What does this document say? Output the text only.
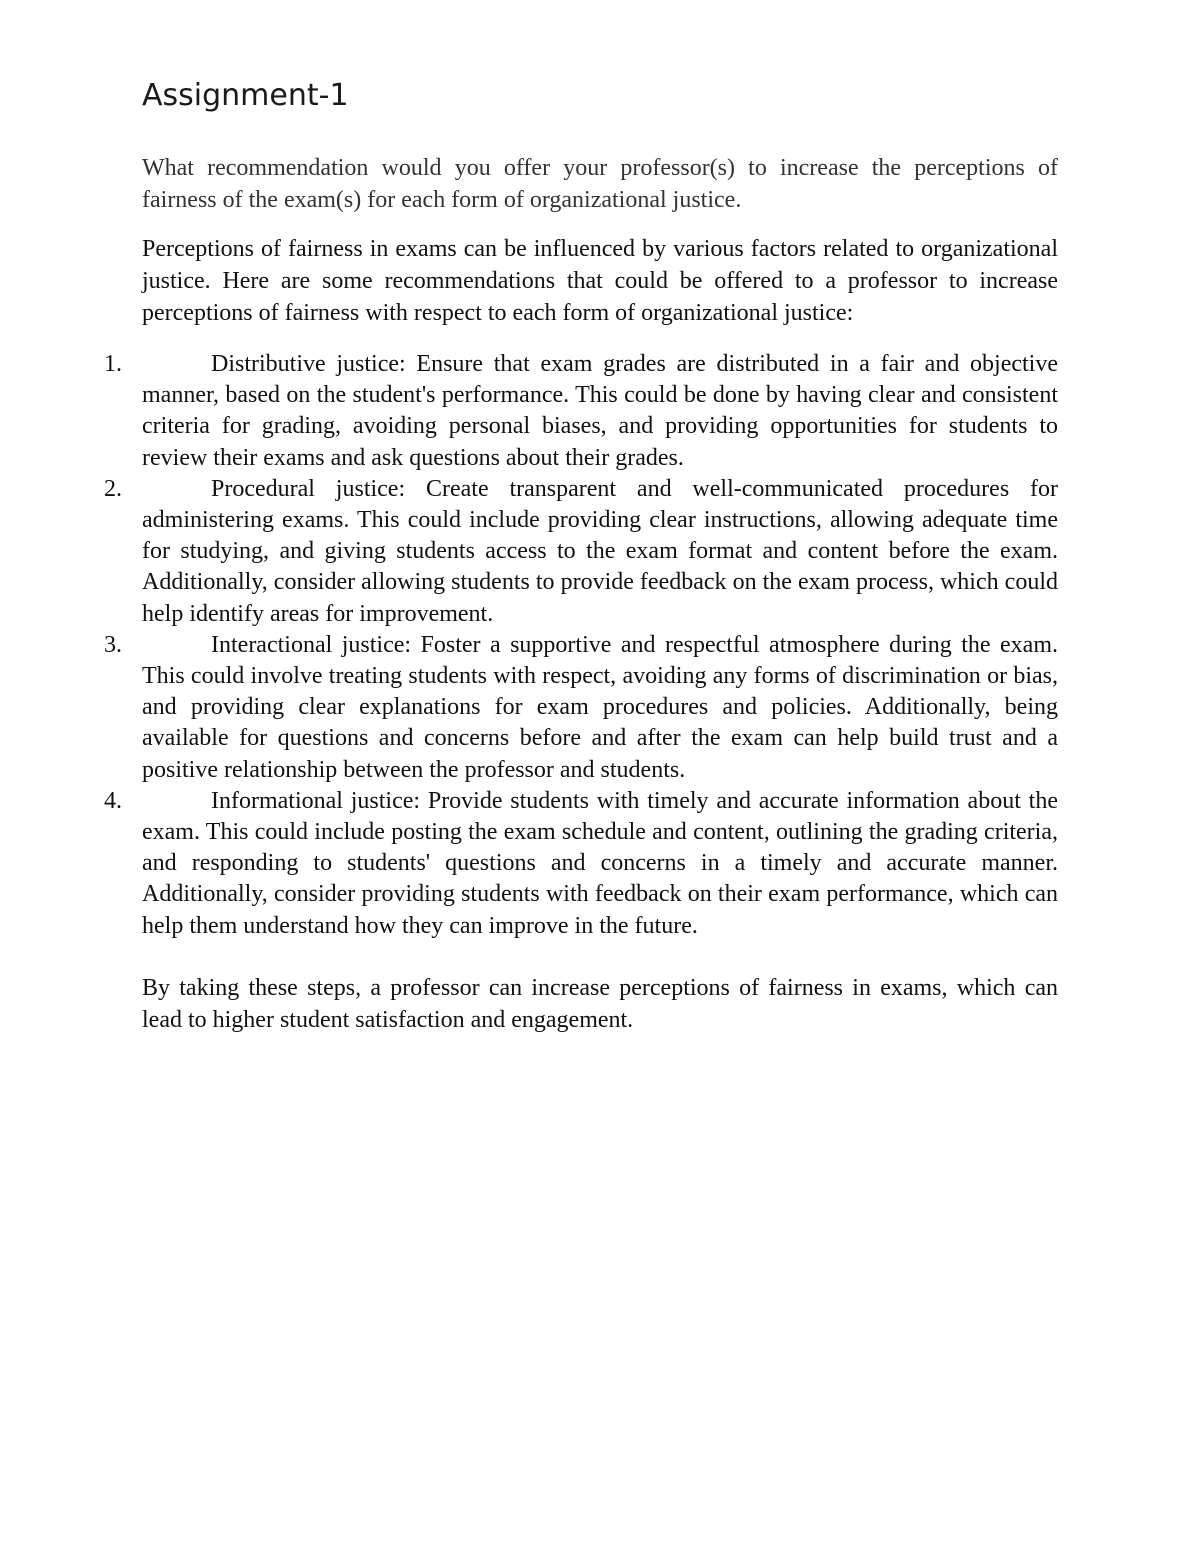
Assignment-1

What recommendation would you offer your professor(s) to increase the perceptions of fairness of the exam(s) for each form of organizational justice.

Perceptions of fairness in exams can be influenced by various factors related to organizational justice. Here are some recommendations that could be offered to a professor to increase perceptions of fairness with respect to each form of organizational justice:

1.	Distributive justice: Ensure that exam grades are distributed in a fair and objective manner, based on the student's performance. This could be done by having clear and consistent criteria for grading, avoiding personal biases, and providing opportunities for students to review their exams and ask questions about their grades.
2.	Procedural justice: Create transparent and well-communicated procedures for administering exams. This could include providing clear instructions, allowing adequate time for studying, and giving students access to the exam format and content before the exam. Additionally, consider allowing students to provide feedback on the exam process, which could help identify areas for improvement.
3.	Interactional justice: Foster a supportive and respectful atmosphere during the exam. This could involve treating students with respect, avoiding any forms of discrimination or bias, and providing clear explanations for exam procedures and policies. Additionally, being available for questions and concerns before and after the exam can help build trust and a positive relationship between the professor and students.
4.	Informational justice: Provide students with timely and accurate information about the exam. This could include posting the exam schedule and content, outlining the grading criteria, and responding to students' questions and concerns in a timely and accurate manner. Additionally, consider providing students with feedback on their exam performance, which can help them understand how they can improve in the future.

By taking these steps, a professor can increase perceptions of fairness in exams, which can lead to higher student satisfaction and engagement.
